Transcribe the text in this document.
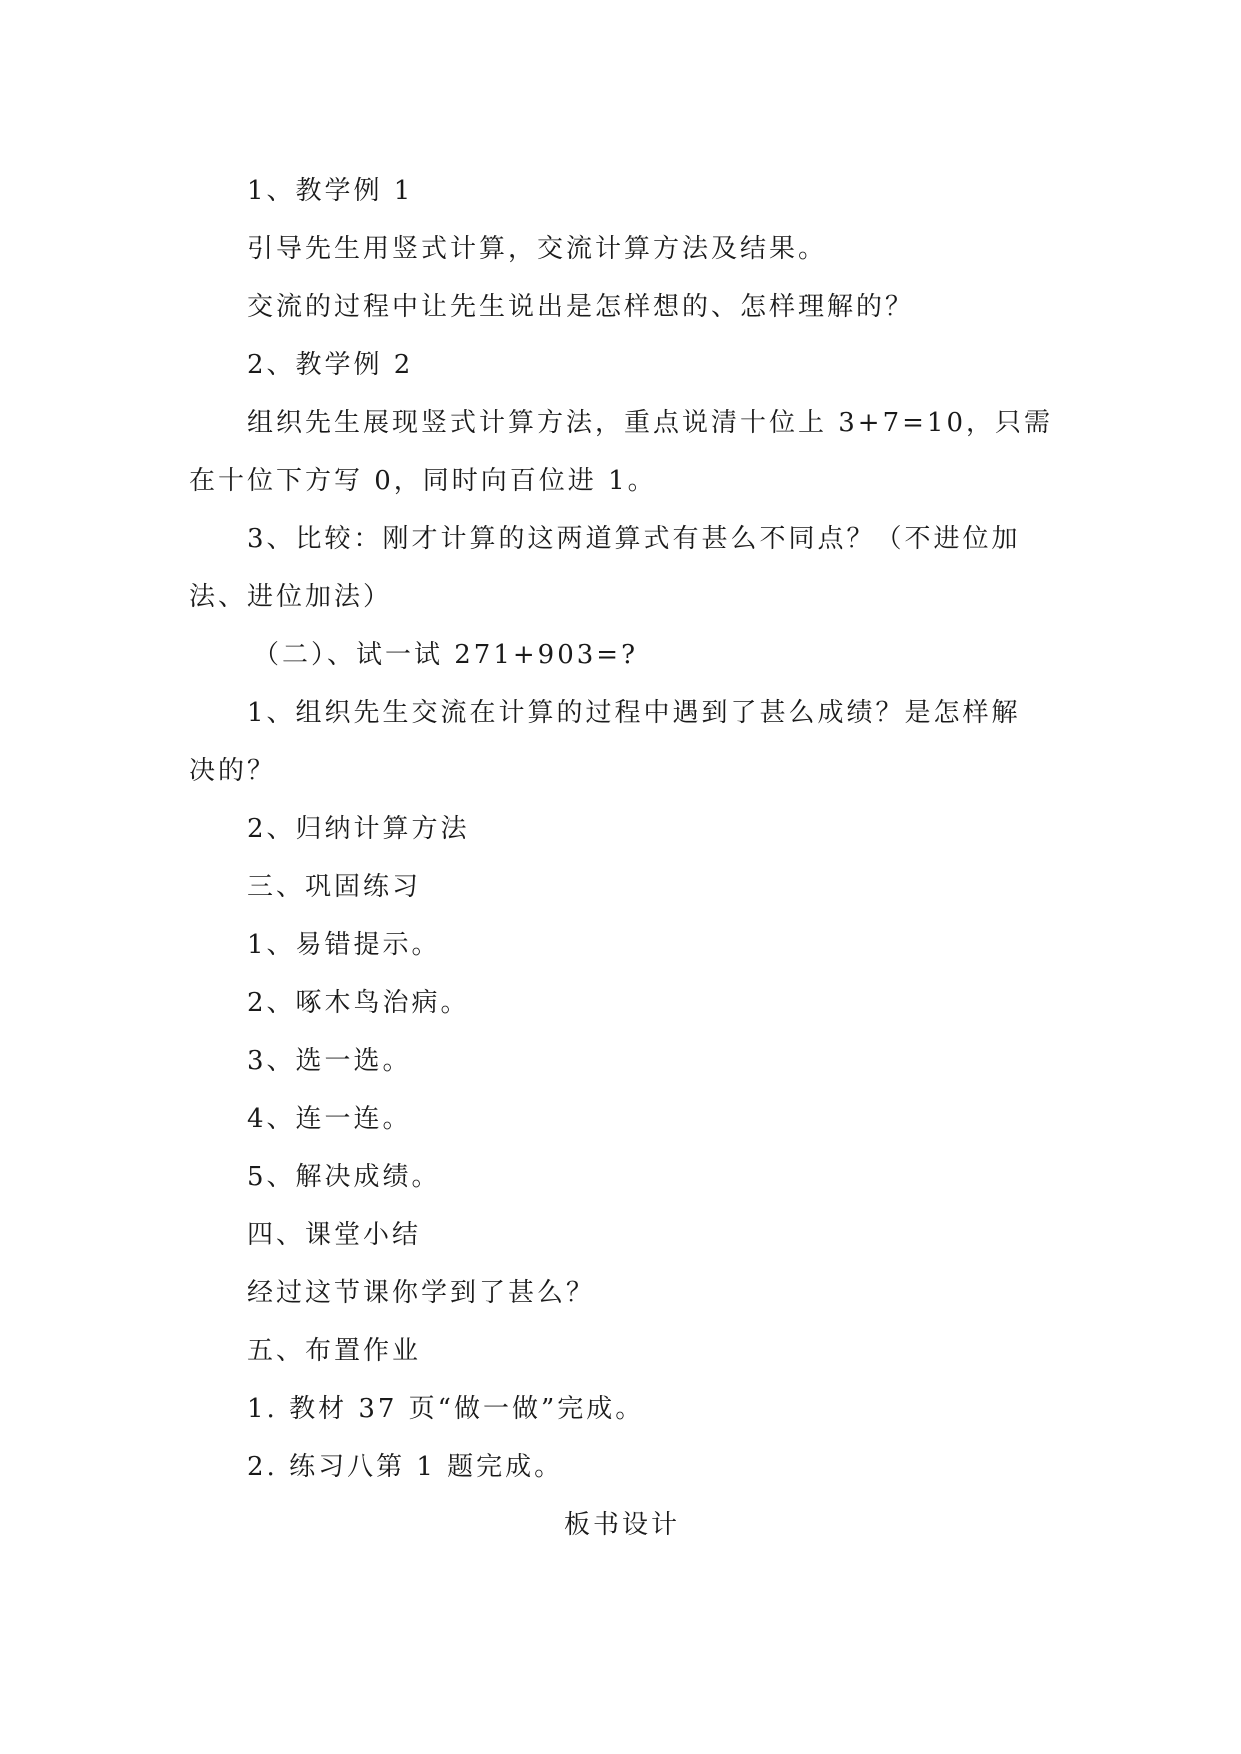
1、教学例 1
引导先生用竖式计算，交流计算方法及结果。
交流的过程中让先生说出是怎样想的、怎样理解的？
2、教学例 2
组织先生展现竖式计算方法，重点说清十位上 3+7=10，只需
在十位下方写 0，同时向百位进 1。
3、比较：刚才计算的这两道算式有甚么不同点？（不进位加
法、进位加法）
（二）、试一试 271+903=?
1、组织先生交流在计算的过程中遇到了甚么成绩？是怎样解
决的？
2、归纳计算方法
三、巩固练习
1、易错提示。
2、啄木鸟治病。
3、选一选。
4、连一连。
5、解决成绩。
四、课堂小结
经过这节课你学到了甚么？
五、布置作业
1. 教材 37 页“做一做”完成。
2. 练习八第 1 题完成。
板书设计
